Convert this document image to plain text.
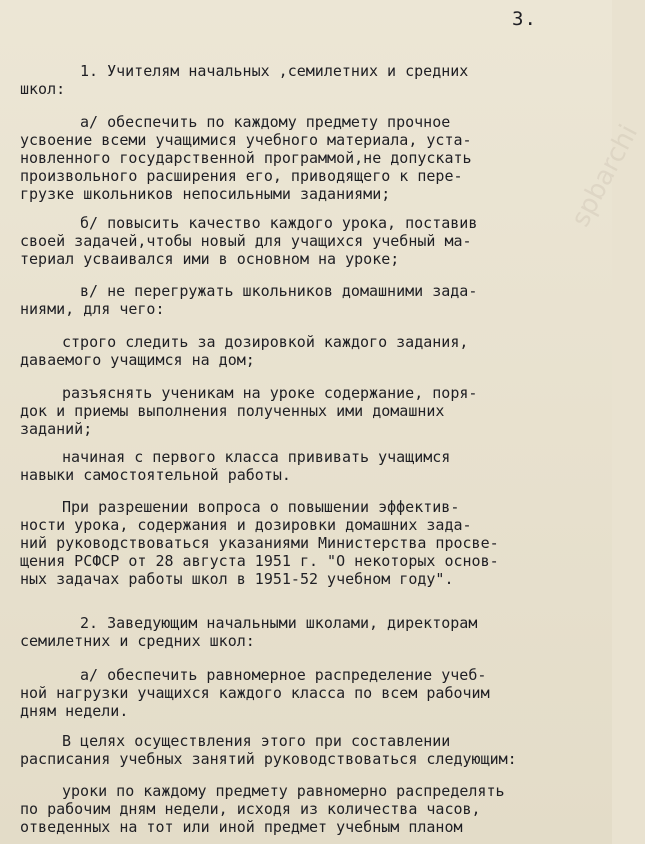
spbarchi
3.
1. Учителям начальных ,семилетних и средних
школ:
а/ обеспечить по каждому предмету прочное
усвоение всеми учащимися учебного материала, уста-
новленного государственной программой,не допускать
произвольного расширения его, приводящего к пере-
грузке школьников непосильными заданиями;
б/ повысить качество каждого урока, поставив
своей задачей,чтобы новый для учащихся учебный ма-
териал усваивался ими в основном на уроке;
в/ не перегружать школьников домашними зада-
ниями, для чего:
строго следить за дозировкой каждого задания,
даваемого учащимся на дом;
разъяснять ученикам на уроке содержание, поря-
док и приемы выполнения полученных ими домашних
заданий;
начиная с первого класса прививать учащимся
навыки самостоятельной работы.
При разрешении вопроса о повышении эффектив-
ности урока, содержания и дозировки домашних зада-
ний руководствоваться указаниями Министерства просве-
щения РСФСР от 28 августа 1951 г. "О некоторых основ-
ных задачах работы школ в 1951-52 учебном году".
2. Заведующим начальными школами, директорам
семилетних и средних школ:
а/ обеспечить равномерное распределение учеб-
ной нагрузки учащихся каждого класса по всем рабочим
дням недели.
В целях осуществления этого при составлении
расписания учебных занятий руководствоваться следующим:
уроки по каждому предмету равномерно распределять
по рабочим дням недели, исходя из количества часов,
отведенных на тот или иной предмет учебным планом
